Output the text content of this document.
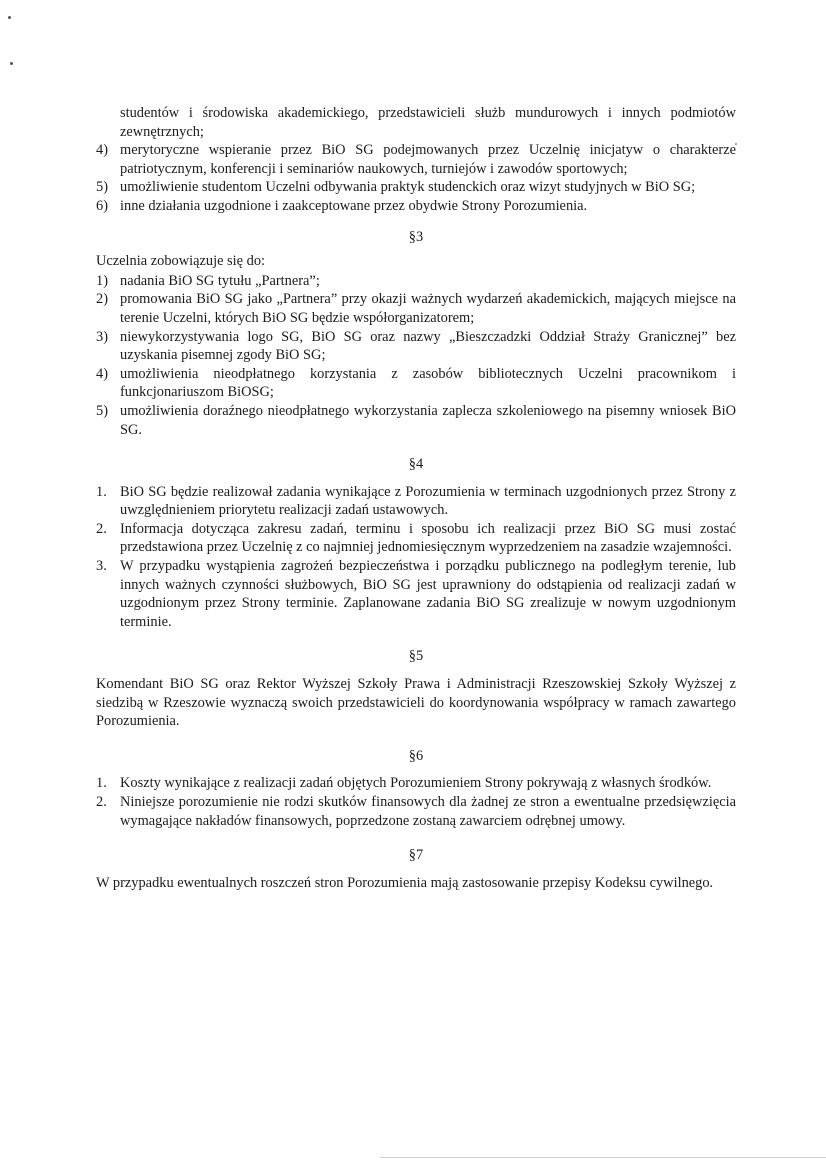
studentów i środowiska akademickiego, przedstawicieli służb mundurowych i innych podmiotów zewnętrznych;
4) merytoryczne wspieranie przez BiO SG podejmowanych przez Uczelnię inicjatyw o charakterze patriotycznym, konferencji i seminariów naukowych, turniejów i zawodów sportowych;
5) umożliwienie studentom Uczelni odbywania praktyk studenckich oraz wizyt studyjnych w BiO SG;
6) inne działania uzgodnione i zaakceptowane przez obydwie Strony Porozumienia.
§3
Uczelnia zobowiązuje się do:
1) nadania BiO SG tytułu „Partnera”;
2) promowania BiO SG jako „Partnera” przy okazji ważnych wydarzeń akademickich, mających miejsce na terenie Uczelni, których BiO SG będzie współorganizatorem;
3) niewykorzystywania logo SG, BiO SG oraz nazwy „Bieszczadzki Oddział Straży Granicznej” bez uzyskania pisemnej zgody BiO SG;
4) umożliwienia nieodpłatnego korzystania z zasobów bibliotecznych Uczelni pracownikom i funkcjonariuszom BiOSG;
5) umożliwienia doraźnego nieodpłatnego wykorzystania zaplecza szkoleniowego na pisemny wniosek BiO SG.
§4
1. BiO SG będzie realizował zadania wynikające z Porozumienia w terminach uzgodnionych przez Strony z uwzględnieniem priorytetu realizacji zadań ustawowych.
2. Informacja dotycząca zakresu zadań, terminu i sposobu ich realizacji przez BiO SG musi zostać przedstawiona przez Uczelnię z co najmniej jednomiesięcznym wyprzedzeniem na zasadzie wzajemności.
3. W przypadku wystąpienia zagrożeń bezpieczeństwa i porządku publicznego na podległym terenie, lub innych ważnych czynności służbowych, BiO SG jest uprawniony do odstąpienia od realizacji zadań w uzgodnionym przez Strony terminie. Zaplanowane zadania BiO SG zrealizuje w nowym uzgodnionym terminie.
§5
Komendant BiO SG oraz Rektor Wyższej Szkoły Prawa i Administracji Rzeszowskiej Szkoły Wyższej z siedzibą w Rzeszowie wyznaczą swoich przedstawicieli do koordynowania współpracy w ramach zawartego Porozumienia.
§6
1. Koszty wynikające z realizacji zadań objętych Porozumieniem Strony pokrywają z własnych środków.
2. Niniejsze porozumienie nie rodzi skutków finansowych dla żadnej ze stron a ewentualne przedsięwzięcia wymagające nakładów finansowych, poprzedzone zostaną zawarciem odrębnej umowy.
§7
W przypadku ewentualnych roszczeń stron Porozumienia mają zastosowanie przepisy Kodeksu cywilnego.
